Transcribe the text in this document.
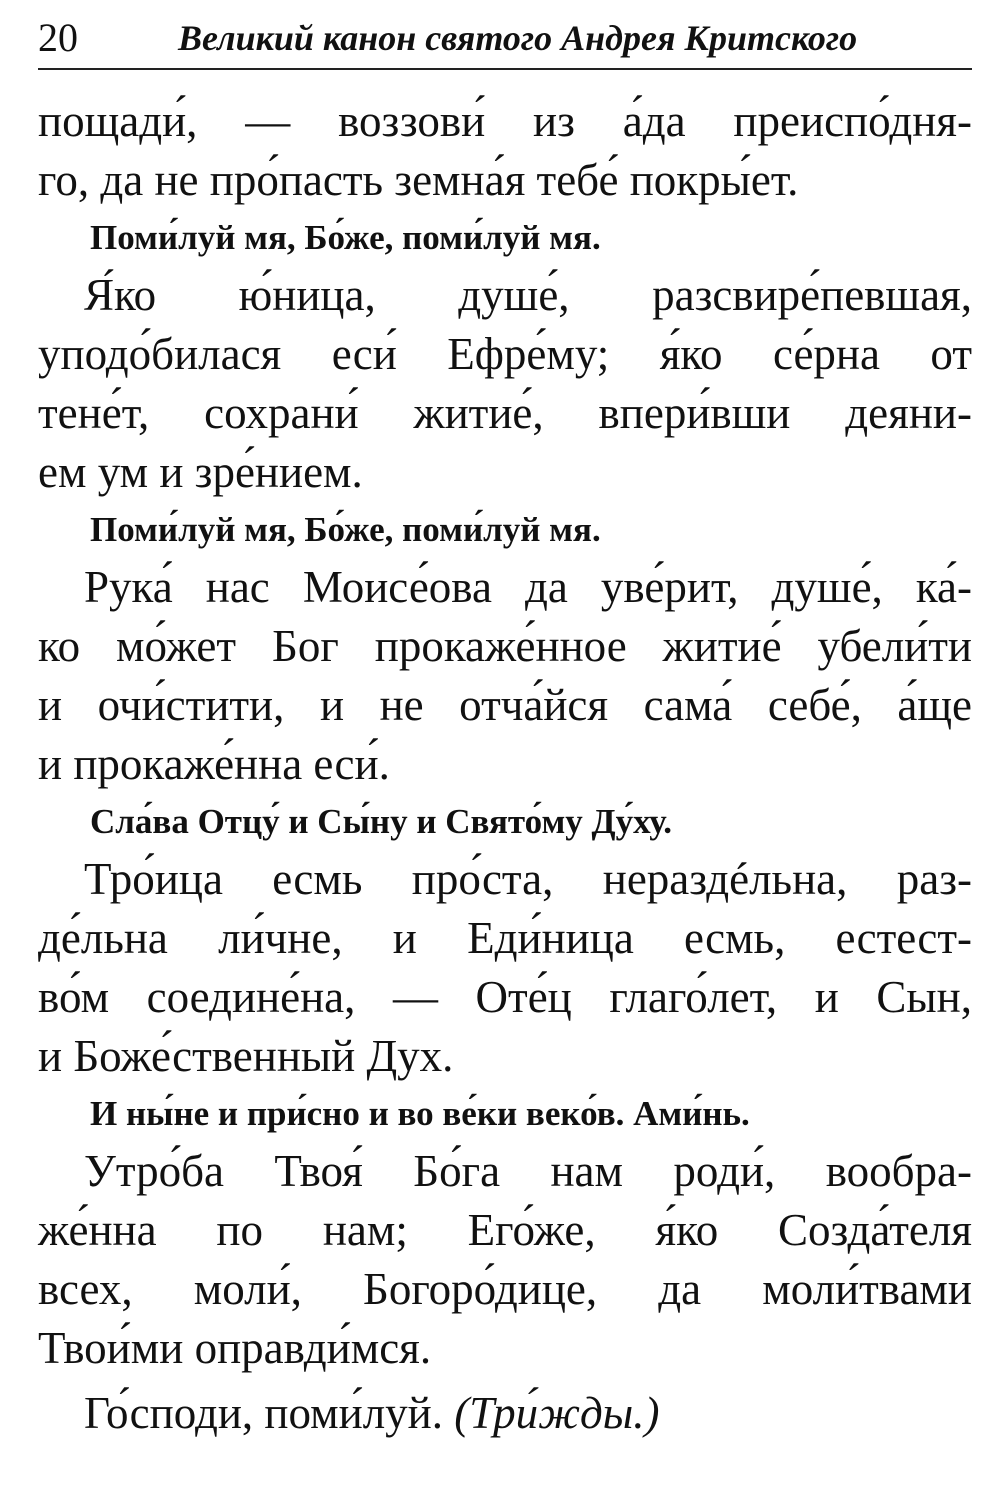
20	Великий канон святого Андрея Критского
пощади́, — воззови́ из а́да преиспо́дня-
го, да не про́пасть земна́я тебе́ покры́ет.
Поми́луй мя, Бо́же, поми́луй мя.
Я́ко ю́ница, душе́, разсвире́певшая,
уподо́билася еси́ Ефре́му; я́ко се́рна от
тене́т, сохрани́ житие́, впери́вши деяни-
ем ум и зре́нием.
Поми́луй мя, Бо́же, поми́луй мя.
Рука́ нас Моисе́ова да уве́рит, душе́, ка́-
ко мо́жет Бог прокаже́нное житие́ убели́ти
и очи́стити, и не отча́йся сама́ себе́, а́ще
и прокаже́нна еси́.
Сла́ва Отцу́ и Сы́ну и Свято́му Ду́ху.
Тро́ица есмь про́ста, нераздéльна, раз-
де́льна ли́чне, и Еди́ница есмь, естест-
во́м соедине́на, — Оте́ц глаго́лет, и Сын,
и Боже́ственный Дух.
И ны́не и при́сно и во ве́ки веко́в. Ами́нь.
Утро́ба Твоя́ Бо́га нам роди́, вообра-
же́нна по нам; Его́же, я́ко Созда́теля
всех, моли́, Богоро́дице, да моли́твами
Твои́ми оправди́мся.
Го́споди, поми́луй. (Три́жды.)
